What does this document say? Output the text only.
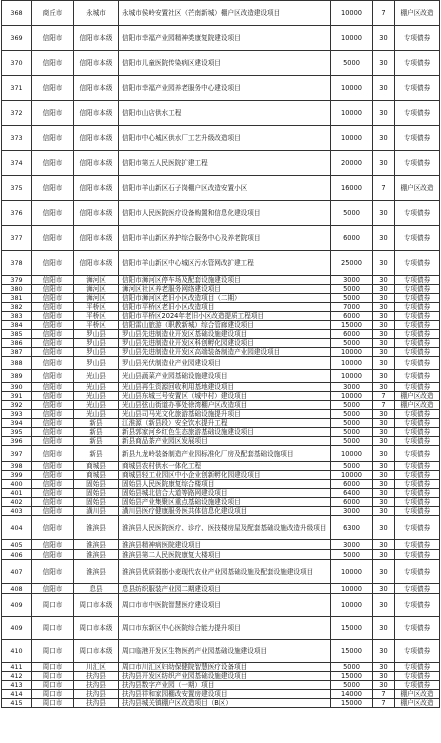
368	商丘市	永城市	永城市侯岭安置社区（芒南新城）棚户区改造建设项目	10000	7	棚户区改造
369	信阳市	信阳市本级	信阳市幸福产业园精神类康复院建设项目	10000	30	专项债券
370	信阳市	信阳市本级	信阳市儿童医院传染病区建设项目	5000	30	专项债券
371	信阳市	信阳市本级	信阳市幸福产业园养老服务中心建设项目	10000	30	专项债券
372	信阳市	信阳市本级	信阳市山店供水工程	10000	30	专项债券
373	信阳市	信阳市本级	信阳市中心城区供水厂工艺升级改造项目	10000	30	专项债券
374	信阳市	信阳市本级	信阳市第五人民医院扩建工程	20000	30	专项债券
375	信阳市	信阳市本级	信阳市羊山新区石子岗棚户区改造安置小区	16000	7	棚户区改造
376	信阳市	信阳市本级	信阳市人民医院医疗设备购置和信息化建设项目	5000	30	专项债券
377	信阳市	信阳市本级	信阳市羊山新区养护综合服务中心及养老院项目	6000	30	专项债券
378	信阳市	信阳市本级	信阳市羊山新区中心城区污水管网改扩建工程	25000	30	专项债券
379	信阳市	浉河区	信阳市浉河区停车场及配套设施建设项目	3000	30	专项债券
380	信阳市	浉河区	浉河区社区养老服务网络建设项目	5000	30	专项债券
381	信阳市	浉河区	信阳市浉河区老旧小区改造项目（二期）	5000	30	专项债券
382	信阳市	平桥区	信阳市平桥区老旧小区改造项目	7000	30	专项债券
383	信阳市	平桥区	信阳市平桥区2024年老旧小区改造提质工程项目	6000	30	专项债券
384	信阳市	平桥区	信阳雷山旅游（职教新城）综合管廊建设项目	15000	30	专项债券
385	信阳市	罗山县	罗山县先进制造业开发区基础设施建设项目	6000	30	专项债券
386	信阳市	罗山县	罗山县先进制造业开发区科创孵化园建设项目	5000	30	专项债券
387	信阳市	罗山县	罗山县先进制造业开发区高端装备制造产业园建设项目	10000	30	专项债券
388	信阳市	罗山县	罗山县光伏制造业产业园建设项目	10000	30	专项债券
389	信阳市	光山县	光山县蔬菜产业园基础设施建设项目	10000	30	专项债券
390	信阳市	光山县	光山县再生资源回收利用基地建设项目	3000	30	专项债券
391	信阳市	光山县	光山县东城三号安置区（城中村）建设项目	10000	7	棚户区改造
392	信阳市	光山县	光山县弦山街道办事处徐湾棚户区改造项目	5000	7	棚户区改造
393	信阳市	光山县	光山县司马光文化旅游基础设施提升项目	5000	30	专项债券
394	信阳市	新县	江淮源（新县段）安全饮水提升工程	5000	30	专项债券
395	信阳市	新县	新县郭家河乡红色生态旅游基础设施建设项目	5000	30	专项债券
396	信阳市	新县	新县商品茶产业园区发展项目	5000	30	专项债券
397	信阳市	新县	新县九龙岭装备制造产业园标准化厂房及配套基础设施项目	10000	30	专项债券
398	信阳市	商城县	商城县农村供水一体化工程	5000	30	专项债券
399	信阳市	商城县	商城县轻工业园区中小企业创新孵化园建设项目	10000	30	专项债券
400	信阳市	固始县	固始县人民医院康复综合楼项目	6000	30	专项债券
401	信阳市	固始县	固始县城北信合大道等路网建设项目	6400	30	专项债券
402	信阳市	固始县	固始县产业集聚区重点基础设施建设项目	6000	30	专项债券
403	信阳市	潢川县	潢川县医疗健康服务医共体信息化建设项目	3000	30	专项债券
404	信阳市	淮滨县	淮滨县人民医院医疗、诊疗、医技楼房屋及配套基础设施改造升级项目	6300	30	专项债券
405	信阳市	淮滨县	淮滨县精神病医院建设项目	3000	30	专项债券
406	信阳市	淮滨县	淮滨县第二人民医院康复大楼项目	5000	30	专项债券
407	信阳市	淮滨县	淮滨县优质弱筋小麦现代农业产业园基础设施及配套设施建设项目	10000	30	专项债券
408	信阳市	息县	息县纺织服装产业园二期建设项目	10000	30	专项债券
409	周口市	周口市本级	周口市市中医院智慧医疗建设项目	10000	30	专项债券
409	周口市	周口市本级	周口市东新区中心医院综合能力提升项目	15000	30	专项债券
410	周口市	周口市本级	周口临港开发区生物医药产业园基础设施建设项目	15000	30	专项债券
411	周口市	川汇区	周口市川汇区妇幼保健院智慧医疗设备项目	5000	30	专项债券
412	周口市	扶沟县	扶沟县开发区纺织产业园基础设施建设项目	15000	30	专项债券
413	周口市	扶沟县	扶沟县数字产业园（一期）项目	5000	30	专项债券
414	周口市	扶沟县	扶沟县祥和家园棚改安置房建设项目	14000	7	棚户区改造
415	周口市	扶沟县	扶沟县城关镇棚户区改造项目（B区）	15000	7	棚户区改造
